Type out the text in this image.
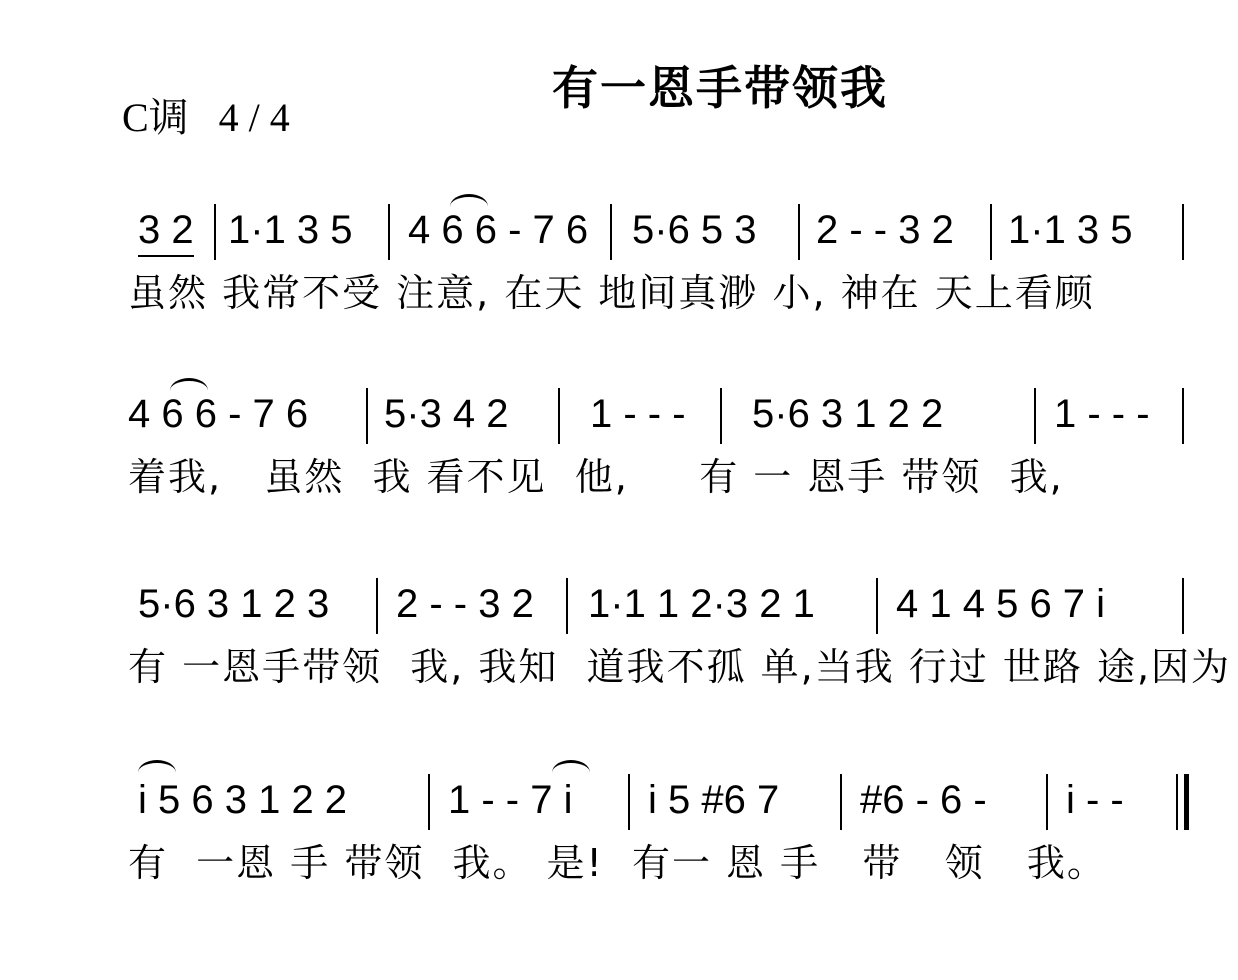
有一恩手带领我
C调   4 / 4
3 2 1·1 3 5 4 6 6 - 7 6 5·6 5 3 2 - - 3 2 1·1 3 5
虽然 我常不受 注意, 在天 地间真渺 小, 神在 天上看顾
4 6 6 - 7 6 5·3 4 2 1 - - - 5·6 3 1 2 2	1 - - -
着我,   虽然  我 看不见  他,     有 一 恩手 带领  我,
5·6 3 1 2 3 2 - - 3 2 1·1 1 2·3 2 1 4 1 4 5 6 7 i
有 一恩手带领  我, 我知  道我不孤 单,当我 行过 世路 途,因为
i 5 6 3 1 2 2	1 - - 7 i i 5 #6 7 #6 - 6 - i - -
有  一恩 手 带领  我。 是!  有一 恩 手   带   领   我。
